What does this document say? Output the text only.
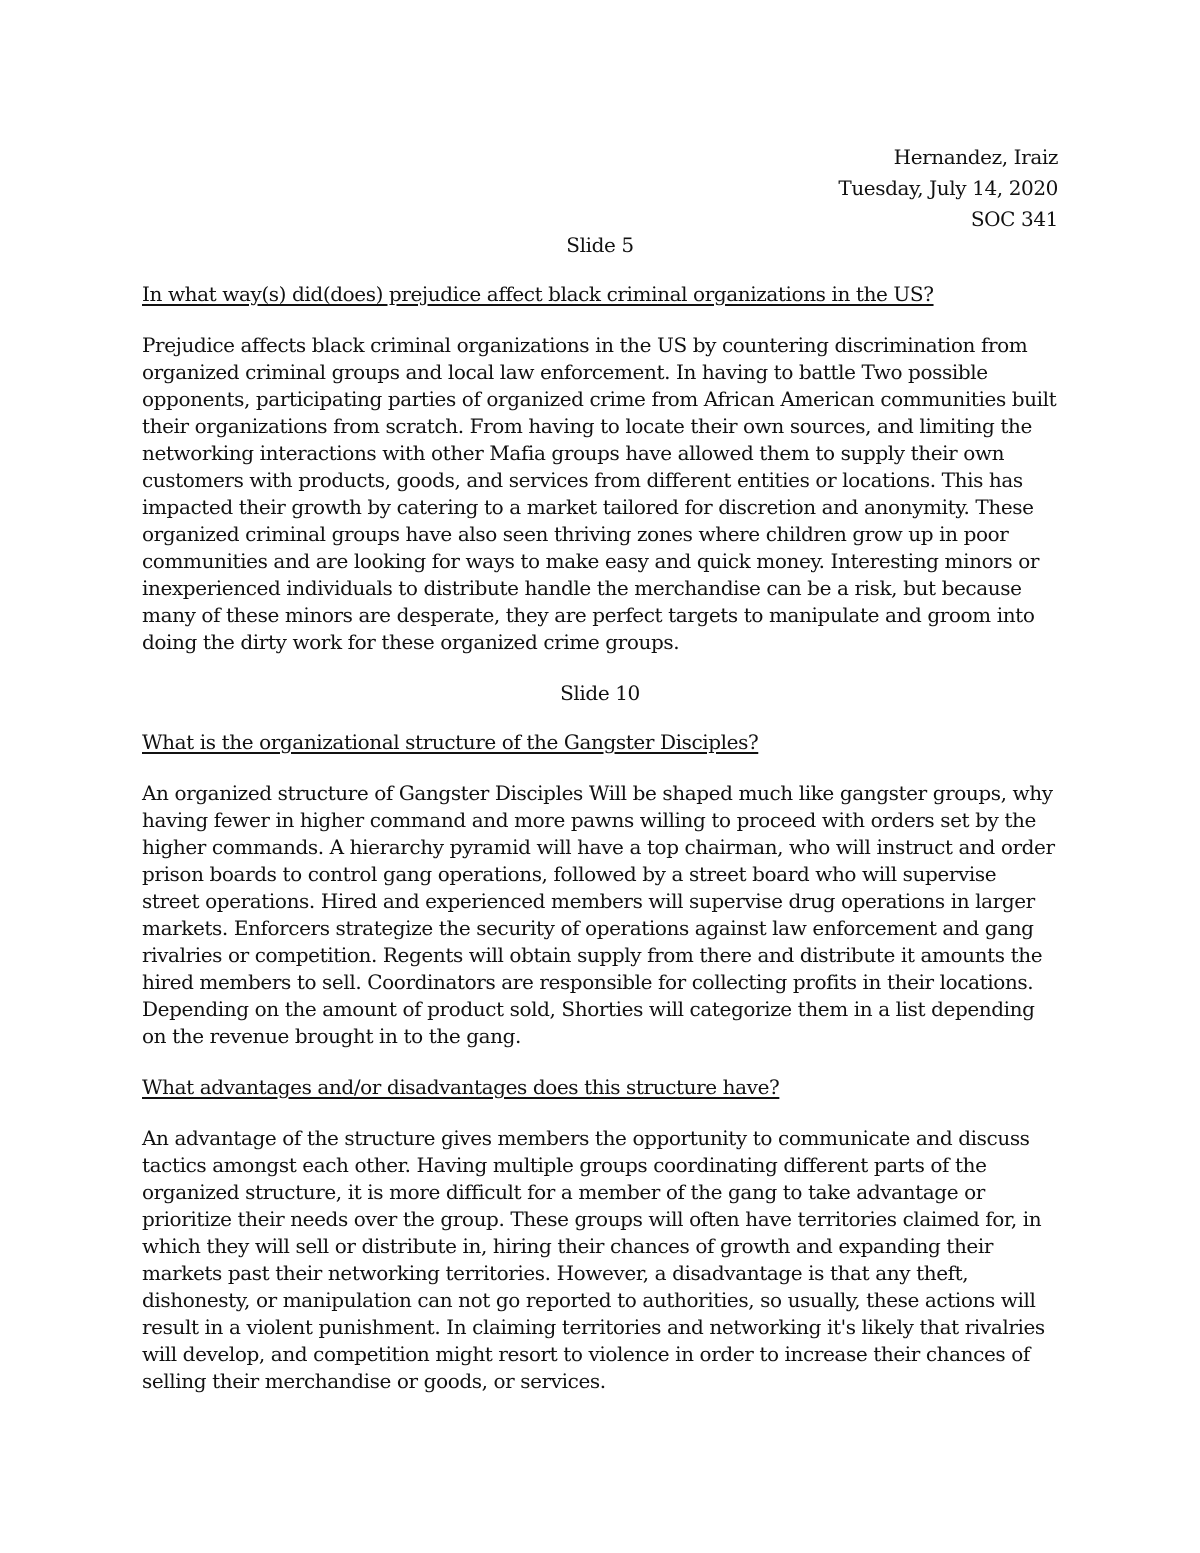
Hernandez, Iraiz

Tuesday, July 14, 2020

SOC 341

Slide 5

In what way(s) did(does) prejudice affect black criminal organizations in the US?

Prejudice affects black criminal organizations in the US by countering discrimination from organized criminal groups and local law enforcement. In having to battle Two possible opponents, participating parties of organized crime from African American communities built their organizations from scratch. From having to locate their own sources, and limiting the networking interactions with other Mafia groups have allowed them to supply their own customers with products, goods, and services from different entities or locations. This has impacted their growth by catering to a market tailored for discretion and anonymity. These organized criminal groups have also seen thriving zones where children grow up in poor communities and are looking for ways to make easy and quick money. Interesting minors or inexperienced individuals to distribute handle the merchandise can be a risk, but because many of these minors are desperate, they are perfect targets to manipulate and groom into doing the dirty work for these organized crime groups.

Slide 10

What is the organizational structure of the Gangster Disciples?

An organized structure of Gangster Disciples Will be shaped much like gangster groups, why having fewer in higher command and more pawns willing to proceed with orders set by the higher commands. A hierarchy pyramid will have a top chairman, who will instruct and order prison boards to control gang operations, followed by a street board who will supervise street operations. Hired and experienced members will supervise drug operations in larger markets. Enforcers strategize the security of operations against law enforcement and gang rivalries or competition. Regents will obtain supply from there and distribute it amounts the hired members to sell. Coordinators are responsible for collecting profits in their locations. Depending on the amount of product sold, Shorties will categorize them in a list depending on the revenue brought in to the gang.

What advantages and/or disadvantages does this structure have?

An advantage of the structure gives members the opportunity to communicate and discuss tactics amongst each other. Having multiple groups coordinating different parts of the organized structure, it is more difficult for a member of the gang to take advantage or prioritize their needs over the group. These groups will often have territories claimed for, in which they will sell or distribute in, hiring their chances of growth and expanding their markets past their networking territories. However, a disadvantage is that any theft, dishonesty, or manipulation can not go reported to authorities, so usually, these actions will result in a violent punishment. In claiming territories and networking it's likely that rivalries will develop, and competition might resort to violence in order to increase their chances of selling their merchandise or goods, or services.
